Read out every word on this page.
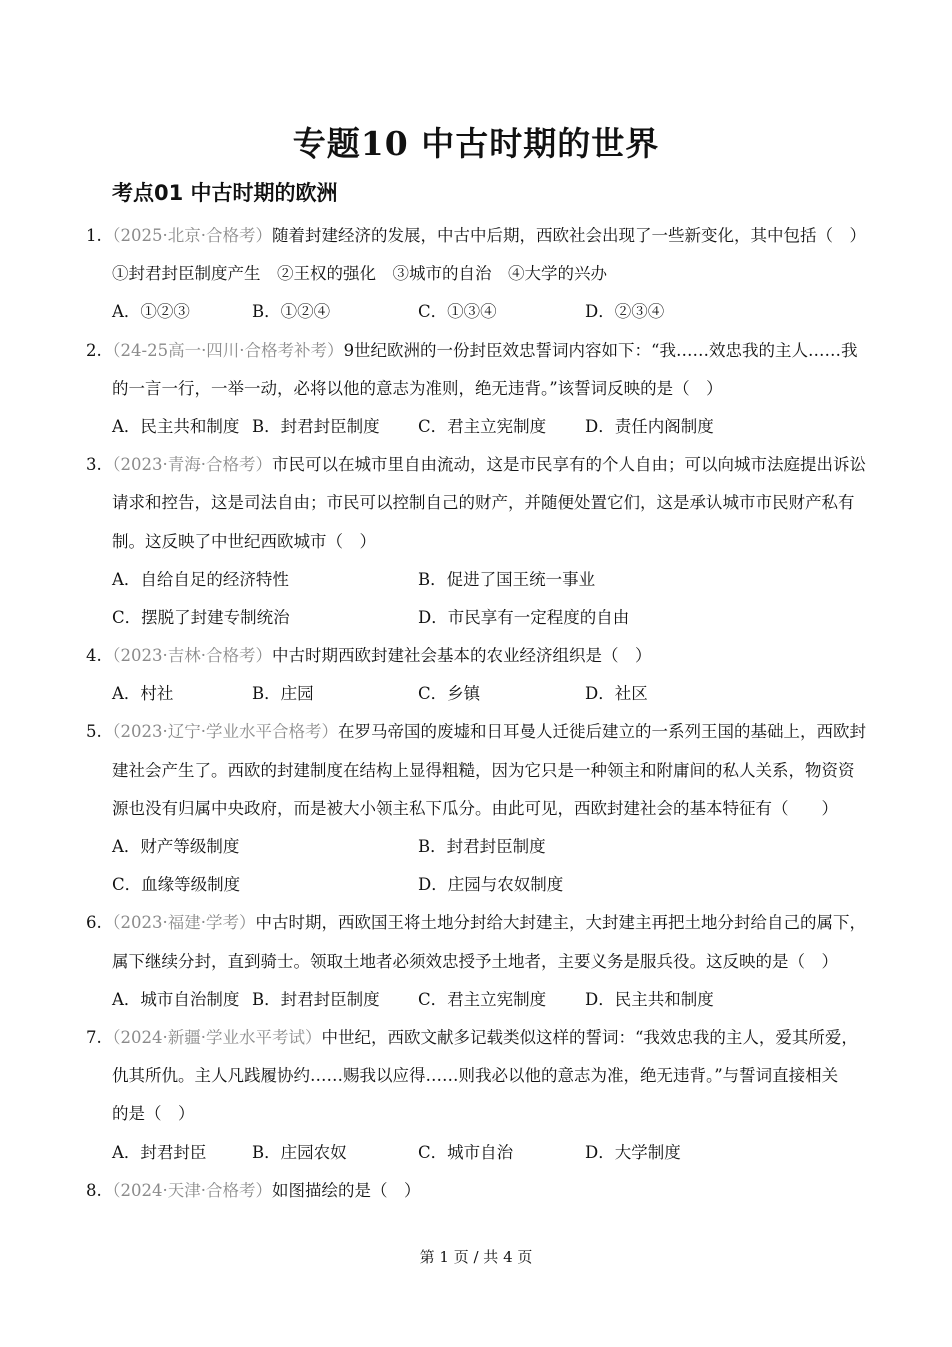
专题10 中古时期的世界
考点01 中古时期的欧洲
1. （2025·北京·合格考）随着封建经济的发展，中古中后期，西欧社会出现了一些新变化，其中包括（　）
①封君封臣制度产生　②王权的强化　③城市的自治　④大学的兴办
A．①②③	B．①②④	C．①③④	D．②③④
2. （24-25高一·四川·合格考补考）9世纪欧洲的一份封臣效忠誓词内容如下：“我……效忠我的主人……我
的一言一行，一举一动，必将以他的意志为准则，绝无违背。”该誓词反映的是（　）
A．民主共和制度 B．封君封臣制度 C．君主立宪制度 D．责任内阁制度
3. （2023·青海·合格考）市民可以在城市里自由流动，这是市民享有的个人自由；可以向城市法庭提出诉讼
请求和控告，这是司法自由；市民可以控制自己的财产，并随便处置它们，这是承认城市市民财产私有
制。这反映了中世纪西欧城市（　）
A．自给自足的经济特性	B．促进了国王统一事业
C．摆脱了封建专制统治	D．市民享有一定程度的自由
4. （2023·吉林·合格考）中古时期西欧封建社会基本的农业经济组织是（　）
A．村社	B．庄园	C．乡镇	D．社区
5. （2023·辽宁·学业水平合格考）在罗马帝国的废墟和日耳曼人迁徙后建立的一系列王国的基础上，西欧封
建社会产生了。西欧的封建制度在结构上显得粗糙，因为它只是一种领主和附庸间的私人关系，物资资
源也没有归属中央政府，而是被大小领主私下瓜分。由此可见，西欧封建社会的基本特征有（　　）
A．财产等级制度	B．封君封臣制度
C．血缘等级制度	D．庄园与农奴制度
6. （2023·福建·学考）中古时期，西欧国王将土地分封给大封建主，大封建主再把土地分封给自己的属下，
属下继续分封，直到骑士。领取土地者必须效忠授予土地者，主要义务是服兵役。这反映的是（　）
A．城市自治制度 B．封君封臣制度 C．君主立宪制度 D．民主共和制度
7. （2024·新疆·学业水平考试）中世纪，西欧文献多记载类似这样的誓词：“我效忠我的主人，爱其所爱，
仇其所仇。主人凡践履协约……赐我以应得……则我必以他的意志为准，绝无违背。”与誓词直接相关
的是（　）
A．封君封臣	B．庄园农奴	C．城市自治	D．大学制度
8. （2024·天津·合格考）如图描绘的是（　）
第 1 页 / 共 4 页
